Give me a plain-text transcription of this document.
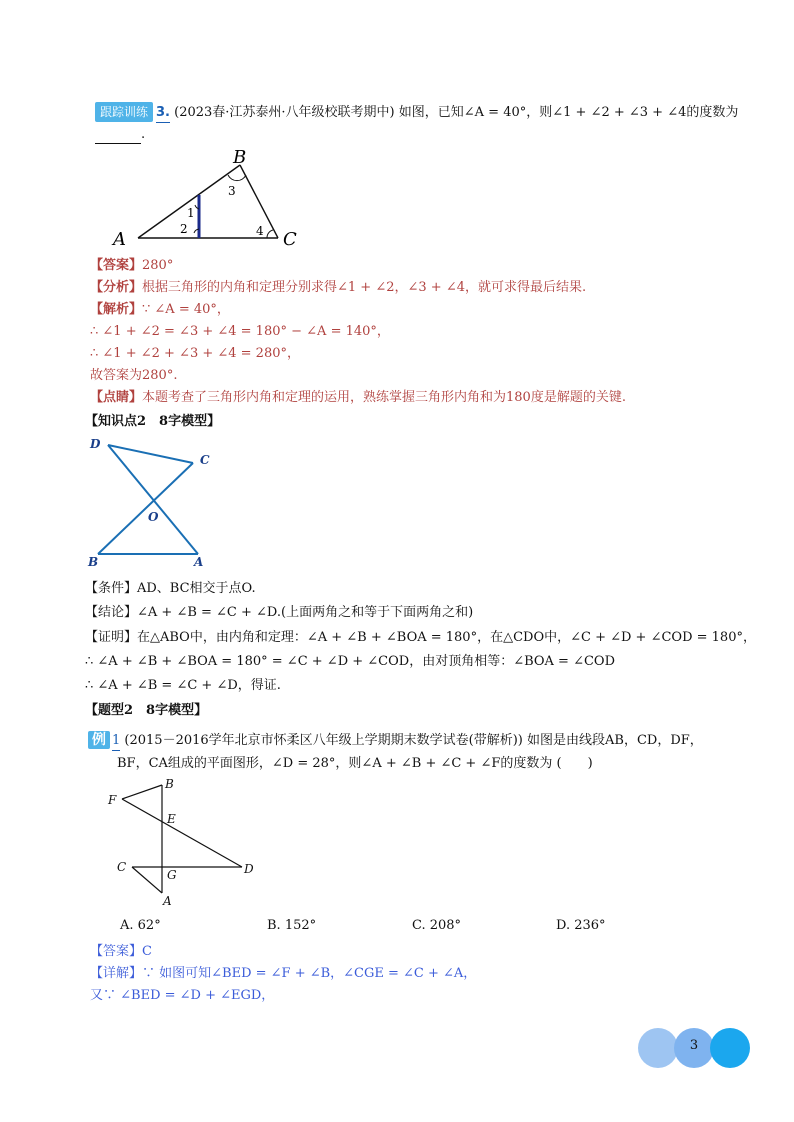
跟踪训练 3. (2023春·江苏泰州·八年级校联考期中) 如图，已知∠A = 40°，则∠1 + ∠2 + ∠3 + ∠4的度数为
.
A
B
C
1
2
3
4
【答案】280°
【分析】根据三角形的内角和定理分别求得∠1 + ∠2，∠3 + ∠4，就可求得最后结果.
【解析】∵ ∠A = 40°，
∴ ∠1 + ∠2 = ∠3 + ∠4 = 180° − ∠A = 140°，
∴ ∠1 + ∠2 + ∠3 + ∠4 = 280°，
故答案为280°.
【点睛】本题考查了三角形内角和定理的运用，熟练掌握三角形内角和为180度是解题的关键.
【知识点2　8字模型】
D
C
O
B	A
【条件】AD、BC相交于点O.
【结论】∠A + ∠B = ∠C + ∠D.(上面两角之和等于下面两角之和)
【证明】在△ABO中，由内角和定理：∠A + ∠B + ∠BOA = 180°，在△CDO中，∠C + ∠D + ∠COD = 180°，
∴ ∠A + ∠B + ∠BOA = 180° = ∠C + ∠D + ∠COD，由对顶角相等：∠BOA = ∠COD
∴ ∠A + ∠B = ∠C + ∠D，得证.
【题型2　8字模型】
例 1 (2015－2016学年北京市怀柔区八年级上学期期末数学试卷(带解析)) 如图是由线段AB，CD，DF，
BF，CA组成的平面图形，∠D = 28°，则∠A + ∠B + ∠C + ∠F的度数为 (　　)
B
F
E
C
G	D
A
A. 62°	B. 152°	C. 208°	D. 236°
【答案】C
【详解】∵ 如图可知∠BED = ∠F + ∠B，∠CGE = ∠C + ∠A，
又∵ ∠BED = ∠D + ∠EGD，
3
